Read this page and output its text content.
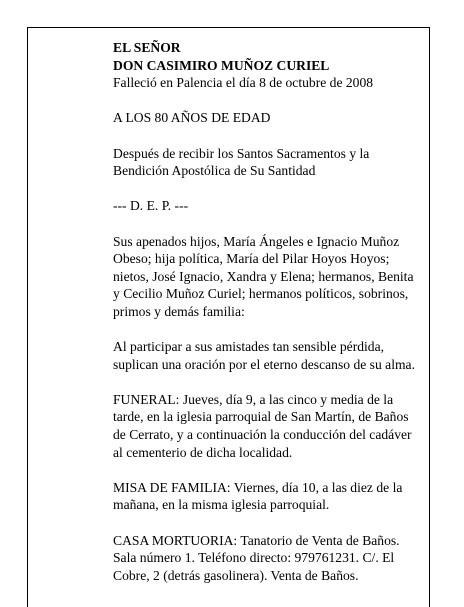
EL SEÑOR
DON CASIMIRO MUÑOZ CURIEL
Falleció en Palencia el día 8 de octubre de 2008

A LOS 80 AÑOS DE EDAD

Después de recibir los Santos Sacramentos y la
Bendición Apostólica de Su Santidad

--- D. E. P. ---

Sus apenados hijos, María Ángeles e Ignacio Muñoz
Obeso; hija política, María del Pilar Hoyos Hoyos;
nietos, José Ignacio, Xandra y Elena; hermanos, Benita
y Cecilio Muñoz Curiel; hermanos políticos, sobrinos,
primos y demás familia:

Al participar a sus amistades tan sensible pérdida,
suplican una oración por el eterno descanso de su alma.

FUNERAL: Jueves, día 9, a las cinco y media de la
tarde, en la iglesia parroquial de San Martín, de Baños
de Cerrato, y a continuación la conducción del cadáver
al cementerio de dicha localidad.

MISA DE FAMILIA: Viernes, día 10, a las diez de la
mañana, en la misma iglesia parroquial.

CASA MORTUORIA: Tanatorio de Venta de Baños.
Sala número 1. Teléfono directo: 979761231. C/. El
Cobre, 2 (detrás gasolinera). Venta de Baños.
